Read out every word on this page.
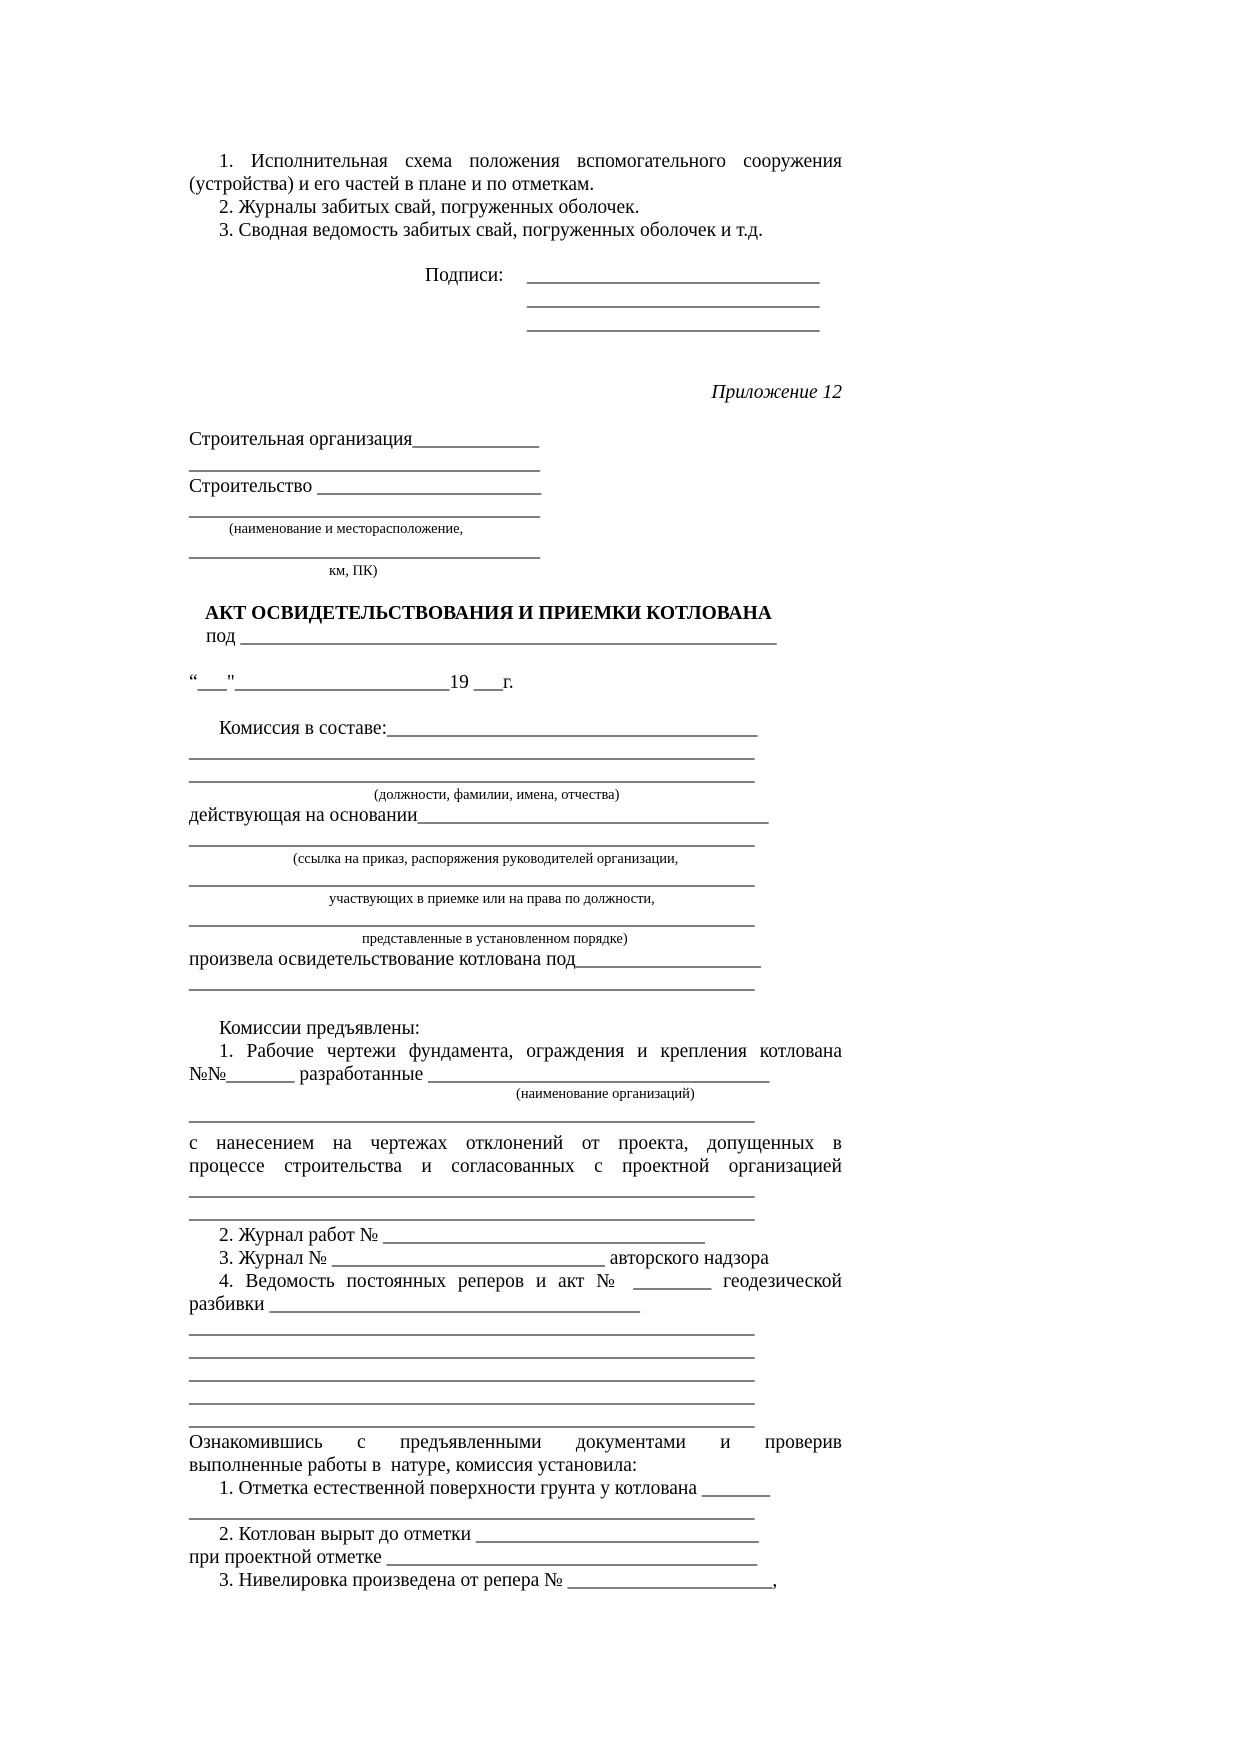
1. Исполнительная схема положения вспомогательного сооружения
(устройства) и его частей в плане и по отметкам.
2. Журналы забитых свай, погруженных оболочек.
3. Сводная ведомость забитых свай, погруженных оболочек и т.д.
Подписи:	______________________________
______________________________
______________________________
Приложение 12
Строительная организация_____________
____________________________________
Строительство _______________________
____________________________________
(наименование и месторасположение,
____________________________________
км, ПК)
АКТ ОСВИДЕТЕЛЬСТВОВАНИЯ И ПРИЕМКИ КОТЛОВАНА
под _______________________________________________________
“___"______________________19 ___г.
Комиссия в составе:______________________________________
__________________________________________________________
__________________________________________________________
(должности, фамилии, имена, отчества)
действующая на основании____________________________________
__________________________________________________________
(ссылка на приказ, распоряжения руководителей организации,
__________________________________________________________
участвующих в приемке или на права по должности,
__________________________________________________________
представленные в установленном порядке)
произвела освидетельствование котлована под___________________
__________________________________________________________
Комиссии предъявлены:
1. Рабочие чертежи фундамента, ограждения и крепления котлована
№№_______ разработанные ___________________________________
(наименование организаций)
__________________________________________________________
с нанесением на чертежах отклонений от проекта, допущенных в
процессе строительства и согласованных с проектной организацией
__________________________________________________________
__________________________________________________________
2. Журнал работ № _________________________________
3. Журнал № ____________________________ авторского надзора
4. Ведомость постоянных реперов и акт № ________ геодезической
разбивки ______________________________________
__________________________________________________________
__________________________________________________________
__________________________________________________________
__________________________________________________________
__________________________________________________________
Ознакомившись с предъявленными документами и проверив
выполненные работы в  натуре, комиссия установила:
1. Отметка естественной поверхности грунта у котлована _______
__________________________________________________________
2. Котлован вырыт до отметки _____________________________
при проектной отметке ______________________________________
3. Нивелировка произведена от репера № _____________________,
